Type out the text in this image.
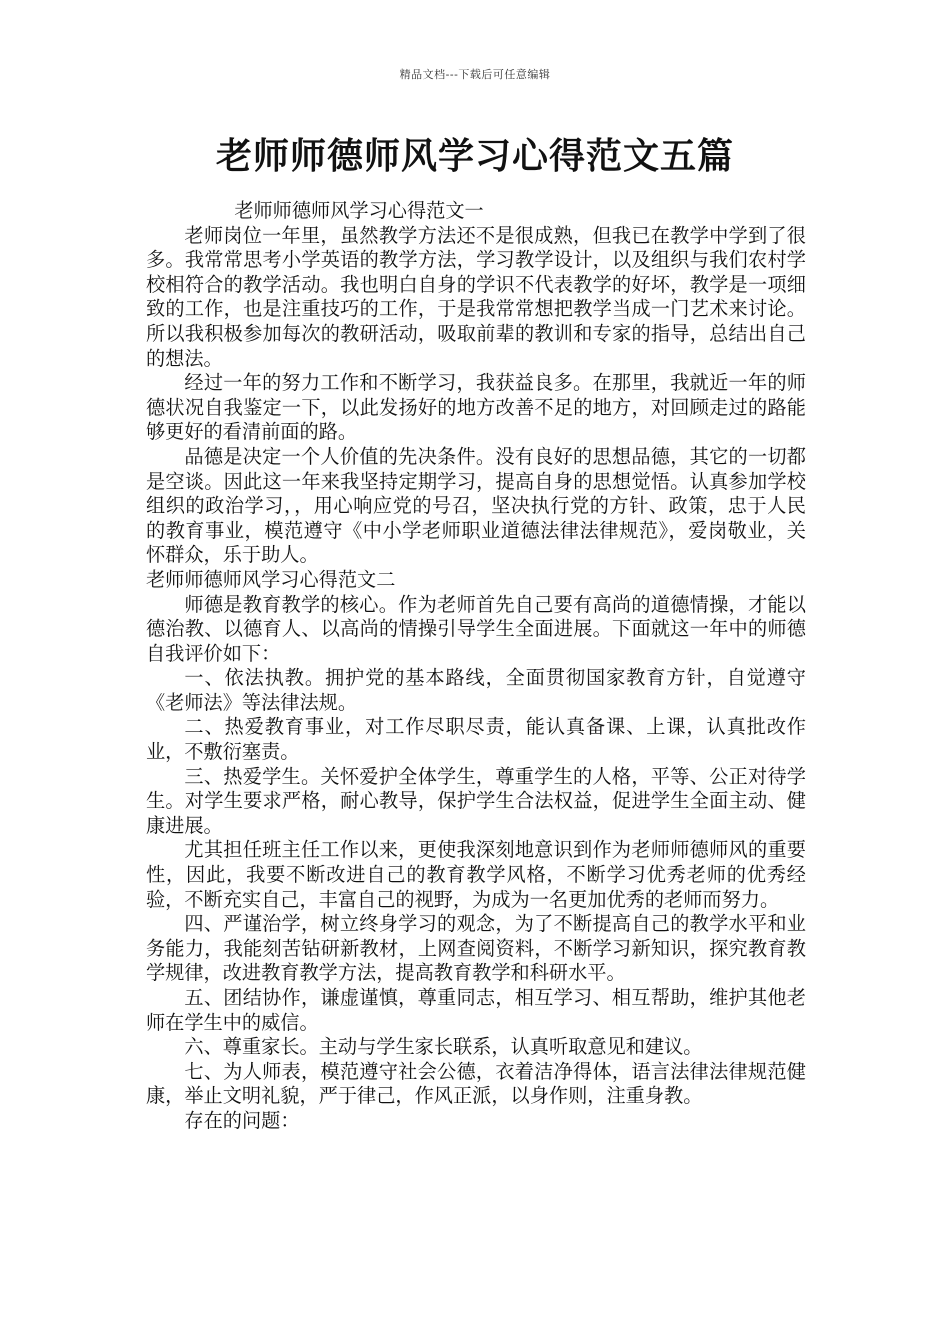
精品文档---下载后可任意编辑
老师师德师风学习心得范文五篇

老师师德师风学习心得范文一

老师岗位一年里，虽然教学方法还不是很成熟，但我已在教学中学到了很多。我常常思考小学英语的教学方法，学习教学设计，以及组织与我们农村学校相符合的教学活动。我也明白自身的学识不代表教学的好坏，教学是一项细致的工作，也是注重技巧的工作，于是我常常想把教学当成一门艺术来讨论。所以我积极参加每次的教研活动，吸取前辈的教训和专家的指导，总结出自己的想法。

经过一年的努力工作和不断学习，我获益良多。在那里，我就近一年的师德状况自我鉴定一下，以此发扬好的地方改善不足的地方，对回顾走过的路能够更好的看清前面的路。

品德是决定一个人价值的先决条件。没有良好的思想品德，其它的一切都是空谈。因此这一年来我坚持定期学习，提高自身的思想觉悟。认真参加学校组织的政治学习，，用心响应党的号召，坚决执行党的方针、政策，忠于人民的教育事业，模范遵守《中小学老师职业道德法律法律规范》，爱岗敬业，关怀群众，乐于助人。

老师师德师风学习心得范文二

师德是教育教学的核心。作为老师首先自己要有高尚的道德情操，才能以德治教、以德育人、以高尚的情操引导学生全面进展。下面就这一年中的师德自我评价如下：

一、依法执教。拥护党的基本路线，全面贯彻国家教育方针，自觉遵守《老师法》等法律法规。

二、热爱教育事业，对工作尽职尽责，能认真备课、上课，认真批改作业，不敷衍塞责。

三、热爱学生。关怀爱护全体学生，尊重学生的人格，平等、公正对待学生。对学生要求严格，耐心教导，保护学生合法权益，促进学生全面主动、健康进展。

尤其担任班主任工作以来，更使我深刻地意识到作为老师师德师风的重要性，因此，我要不断改进自己的教育教学风格，不断学习优秀老师的优秀经验，不断充实自己，丰富自己的视野，为成为一名更加优秀的老师而努力。

四、严谨治学，树立终身学习的观念，为了不断提高自己的教学水平和业务能力，我能刻苦钻研新教材，上网查阅资料，不断学习新知识，探究教育教学规律，改进教育教学方法，提高教育教学和科研水平。

五、团结协作，谦虚谨慎，尊重同志，相互学习、相互帮助，维护其他老师在学生中的威信。

六、尊重家长。主动与学生家长联系，认真听取意见和建议。

七、为人师表，模范遵守社会公德，衣着洁净得体，语言法律法律规范健康，举止文明礼貌，严于律己，作风正派，以身作则，注重身教。

存在的问题：
